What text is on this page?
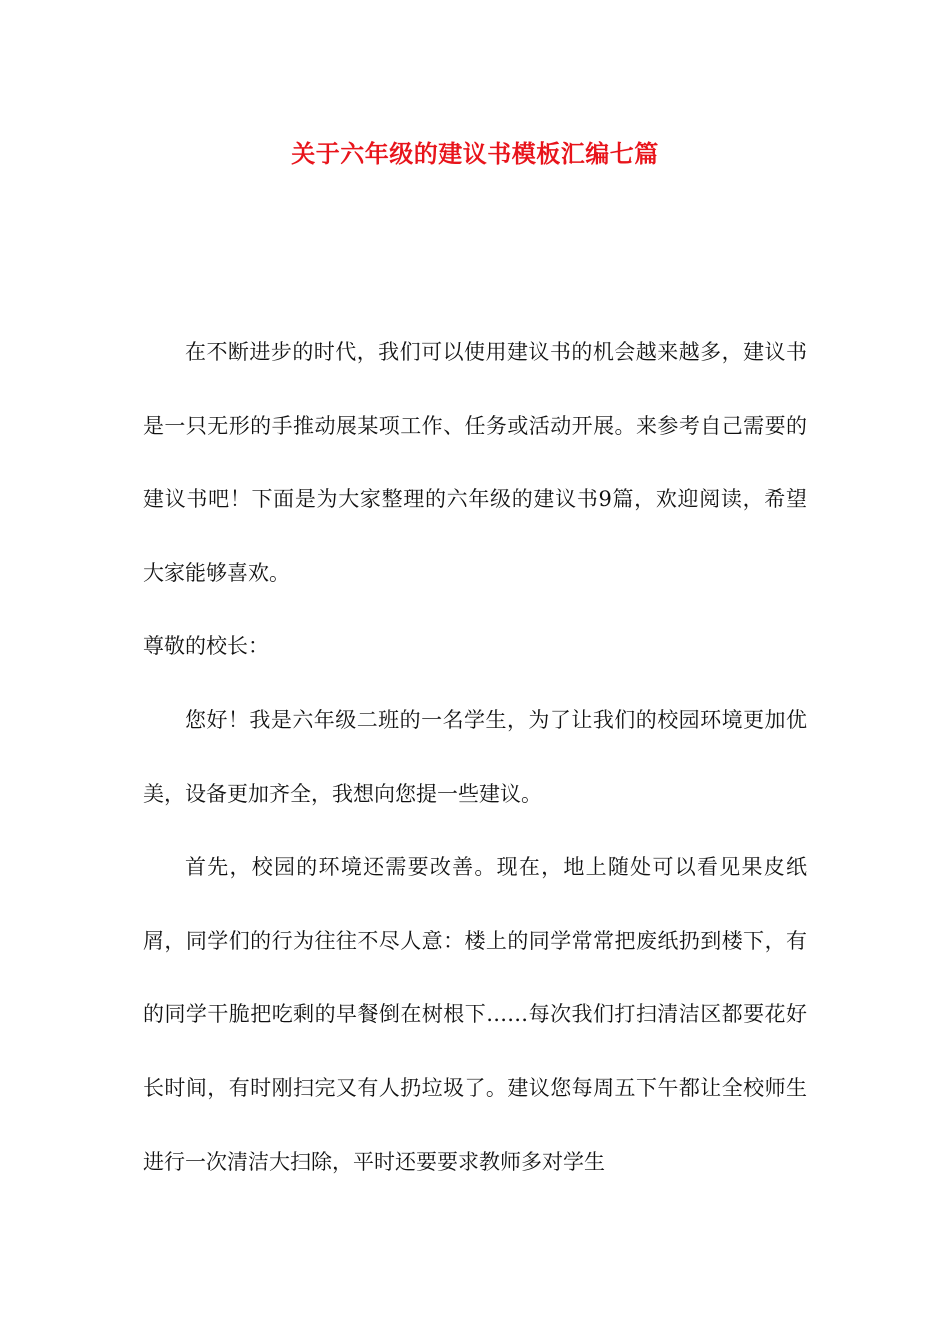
关于六年级的建议书模板汇编七篇

在不断进步的时代，我们可以使用建议书的机会越来越多，建议书是一只无形的手推动展某项工作、任务或活动开展。来参考自己需要的建议书吧！下面是为大家整理的六年级的建议书9篇，欢迎阅读，希望大家能够喜欢。

尊敬的校长：

您好！我是六年级二班的一名学生，为了让我们的校园环境更加优美，设备更加齐全，我想向您提一些建议。

首先，校园的环境还需要改善。现在，地上随处可以看见果皮纸屑，同学们的行为往往不尽人意：楼上的同学常常把废纸扔到楼下，有的同学干脆把吃剩的早餐倒在树根下……每次我们打扫清洁区都要花好长时间，有时刚扫完又有人扔垃圾了。建议您每周五下午都让全校师生进行一次清洁大扫除，平时还要要求教师多对学生
